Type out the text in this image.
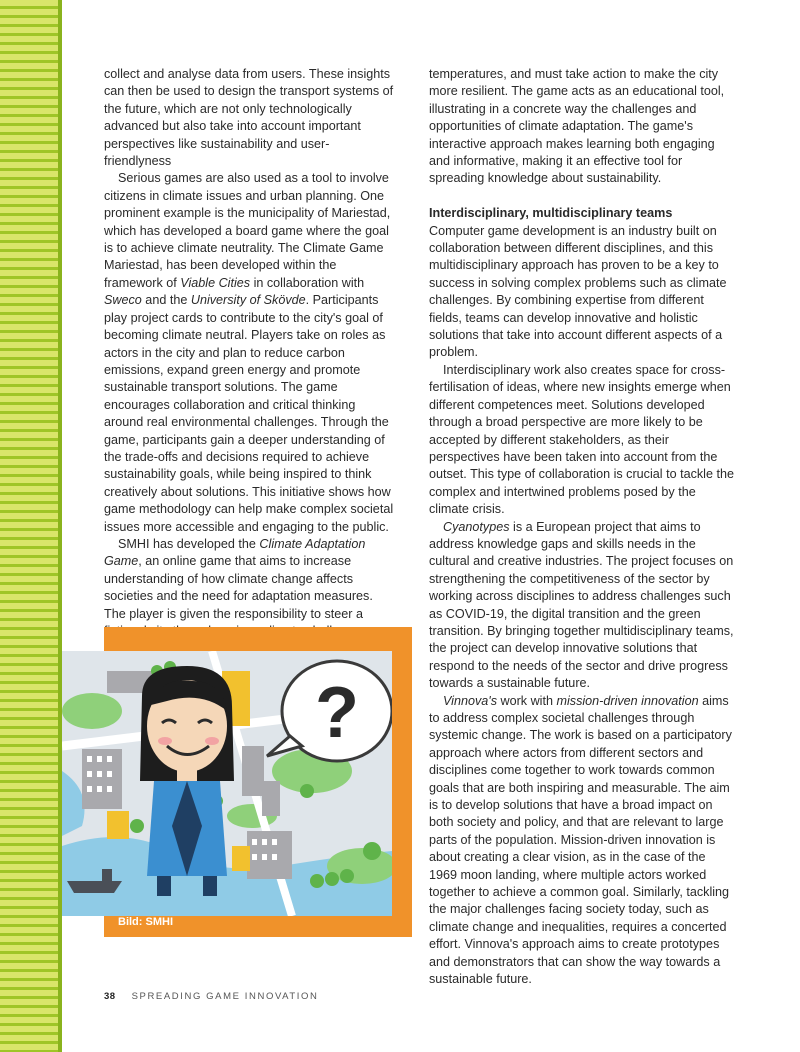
collect and analyse data from users. These insights can then be used to design the transport systems of the future, which are not only technologically advanced but also take into account important perspectives like sustainability and user-friendlyness

Serious games are also used as a tool to involve citizens in climate issues and urban planning. One prominent example is the municipality of Mariestad, which has developed a board game where the goal is to achieve climate neutrality. The Climate Game Mariestad, has been developed within the framework of Viable Cities in collaboration with Sweco and the University of Skövde. Participants play project cards to contribute to the city's goal of becoming climate neutral. Players take on roles as actors in the city and plan to reduce carbon emissions, expand green energy and promote sustainable transport solutions. The game encourages collaboration and critical thinking around real environmental challenges. Through the game, participants gain a deeper understanding of the trade-offs and decisions required to achieve sustainability goals, while being inspired to think creatively about solutions. This initiative shows how game methodology can help make complex societal issues more accessible and engaging to the public.

SMHI has developed the Climate Adaptation Game, an online game that aims to increase understanding of how climate change affects societies and the need for adaptation measures. The player is given the responsibility to steer a

temperatures, and must take action to make the city more resilient. The game acts as an educational tool, illustrating in a concrete way the challenges and opportunities of climate adaptation. The game's interactive approach makes learning both engaging and informative, making it an effective tool for spreading knowledge about sustainability.

Interdisciplinary, multidisciplinary teams

Computer game development is an industry built on collaboration between different disciplines, and this multidisciplinary approach has proven to be a key to success in solving complex problems such as climate challenges. By combining expertise from different fields, teams can develop innovative and holistic solutions that take into account different aspects of a problem.

Interdisciplinary work also creates space for cross-fertilisation of ideas, where new insights emerge when different competences meet. Solutions developed through a broad perspective are more likely to be accepted by different stakeholders, as their perspectives have been taken into account from the outset. This type of collaboration is crucial to tackle the complex and intertwined problems posed by the climate crisis.

Cyanotypes is a European project that aims to address knowledge gaps and skills needs in the cultural and creative industries. The project focuses on strengthening the competitiveness of the sector by working across disciplines to address challenges such as COVID-19, the digital transition and the green transition. By bringing together multidisciplinary teams, the project can develop innovative solutions that respond to the needs of the sector and drive progress towards a sustainable future.

Vinnova's work with mission-driven innovation aims to address complex societal challenges through systemic change. The work is based on a participatory approach where actors from different sectors and disciplines come together to work towards common goals that are both inspiring and measurable. The aim is to develop solutions that have a broad impact on both society and policy, and that are relevant to large parts of the population. Mission-driven innovation is about creating a clear vision, as in the case of the 1969 moon landing, where multiple actors worked together to achieve a common goal. Similarly, tackling the major challenges facing society today, such as climate change and inequalities, requires a concerted effort. Vinnova's approach aims to create prototypes and demonstrators that can show the way towards a sustainable future.

?
Bild: SMHI
38 SPREADING GAME INNOVATION
